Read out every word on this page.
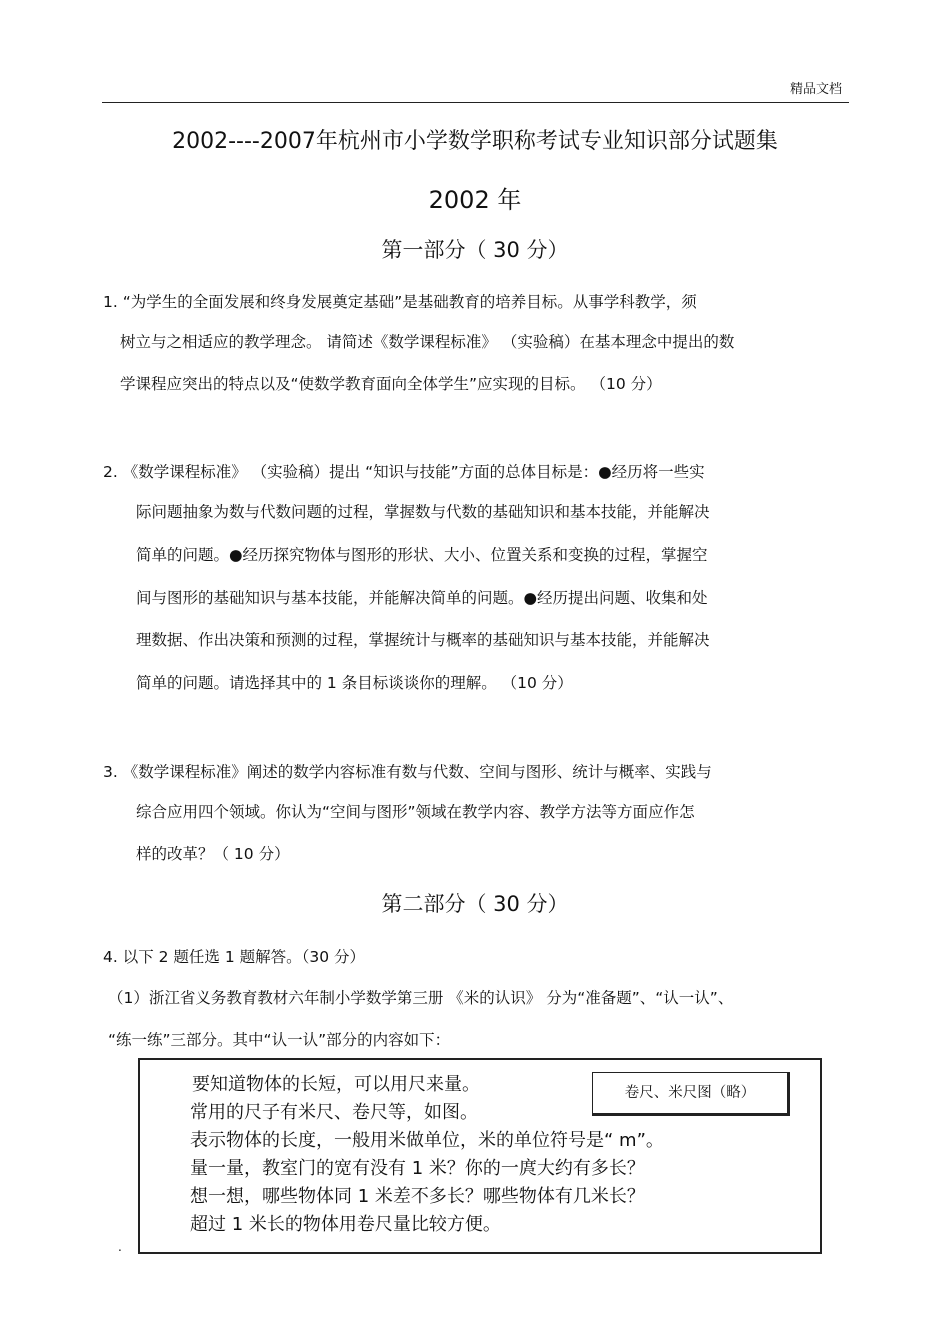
精品文档
2002----2007年杭州市小学数学职称考试专业知识部分试题集
2002 年
第一部分（ 30 分）
1. “为学生的全面发展和终身发展奠定基础”是基础教育的培养目标。从事学科教学，须
树立与之相适应的教学理念。 请简述《数学课程标准》 （实验稿）在基本理念中提出的数
学课程应突出的特点以及“使数学教育面向全体学生”应实现的目标。 （10 分）
2. 《数学课程标准》 （实验稿）提出 “知识与技能”方面的总体目标是：●经历将一些实
际问题抽象为数与代数问题的过程，掌握数与代数的基础知识和基本技能，并能解决
简单的问题。●经历探究物体与图形的形状、大小、位置关系和变换的过程，掌握空
间与图形的基础知识与基本技能，并能解决简单的问题。●经历提出问题、收集和处
理数据、作出决策和预测的过程，掌握统计与概率的基础知识与基本技能，并能解决
简单的问题。请选择其中的 1 条目标谈谈你的理解。 （10 分）
3. 《数学课程标准》阐述的数学内容标准有数与代数、空间与图形、统计与概率、实践与
综合应用四个领域。你认为“空间与图形”领域在教学内容、教学方法等方面应作怎
样的改革？（ 10 分）
第二部分（ 30 分）
4. 以下 2 题任选 1 题解答。（30 分）
（1）浙江省义务教育教材六年制小学数学第三册 《米的认识》 分为“准备题”、“认一认”、
“练一练”三部分。其中“认一认”部分的内容如下：
要知道物体的长短，可以用尺来量。
常用的尺子有米尺、卷尺等，如图。
表示物体的长度，一般用米做单位，米的单位符号是“ m”。
量一量，教室门的宽有没有 1 米？你的一庹大约有多长？
想一想，哪些物体同 1 米差不多长？哪些物体有几米长？
超过 1 米长的物体用卷尺量比较方便。
卷尺、米尺图（略）
.
